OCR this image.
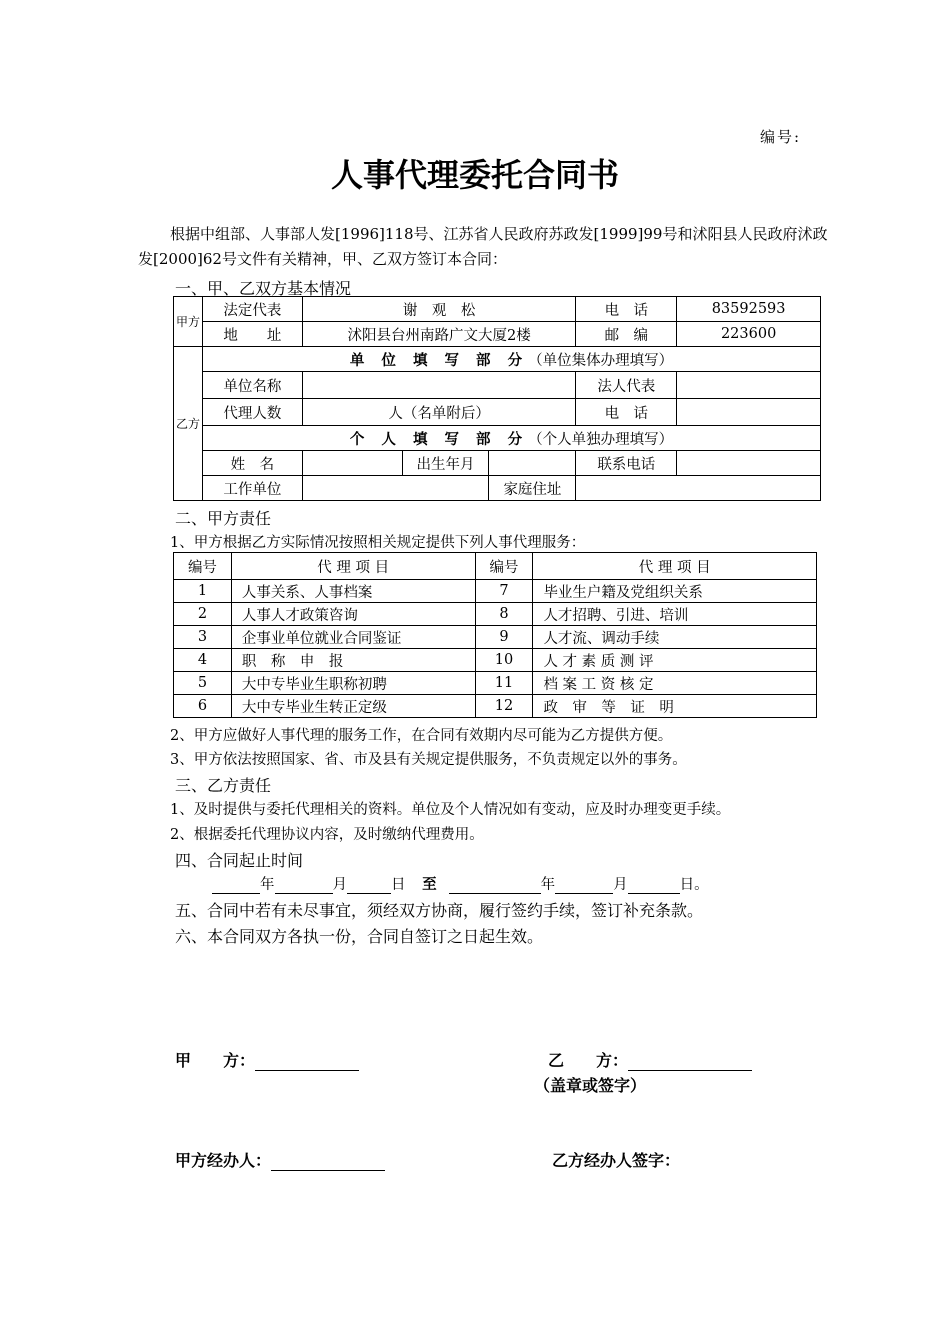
编号:
人事代理委托合同书
根据中组部、人事部人发[1996]118号、江苏省人民政府苏政发[1999]99号和沭阳县人民政府沭政发[2000]62号文件有关精神，甲、乙双方签订本合同：
一、甲、乙双方基本情况
甲方	法定代表	谢　观　松			电　话	83592593
	地　　址	沭阳县台州南路广文大厦2楼			邮　编	223600
乙方	单 位 填 写 部 分（单位集体办理填写）					
	单位名称				法人代表	
	代理人数	人（名单附后）			电　话	
	个 人 填 写 部 分（个人单独办理填写）					
	姓　名		出生年月		联系电话	
	工作单位			家庭住址		
二、甲方责任
1、甲方根据乙方实际情况按照相关规定提供下列人事代理服务：
编号	代 理 项 目	编号	代 理 项 目
1	人事关系、人事档案	7	毕业生户籍及党组织关系
2	人事人才政策咨询	8	人才招聘、引进、培训
3	企事业单位就业合同鉴证	9	人才流、调动手续
4	职　称　申　报	10	人 才 素 质 测 评
5	大中专毕业生职称初聘	11	档 案 工 资 核 定
6	大中专毕业生转正定级	12	政　审　等　证　明
2、甲方应做好人事代理的服务工作，在合同有效期内尽可能为乙方提供方便。
3、甲方依法按照国家、省、市及县有关规定提供服务，不负责规定以外的事务。
三、乙方责任
1、及时提供与委托代理相关的资料。单位及个人情况如有变动，应及时办理变更手续。
2、根据委托代理协议内容，及时缴纳代理费用。
四、合同起止时间
年	月	日 至	年	月	日。
五、合同中若有未尽事宜，须经双方协商，履行签约手续，签订补充条款。
六、本合同双方各执一份，合同自签订之日起生效。
甲　　方：	乙　　方：
（盖章或签字）
甲方经办人：	乙方经办人签字：
